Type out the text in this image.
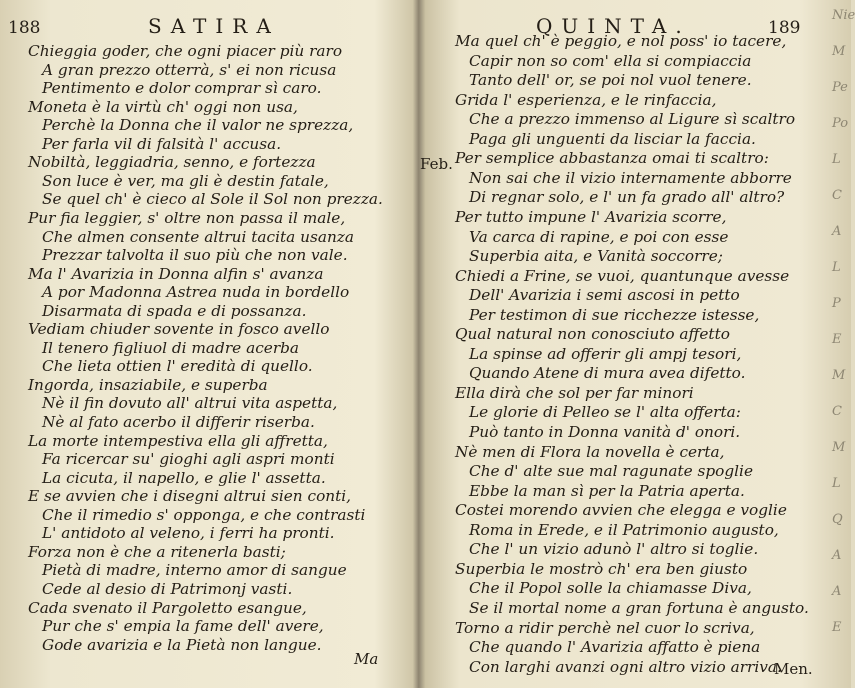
188	SATIRA
Chieggia goder, che ogni piacer più raro
A gran prezzo otterrà, s' ei non ricusa
Pentimento e dolor comprar sì caro.
Moneta è la virtù ch' oggi non usa,
Perchè la Donna che il valor ne sprezza,
Per farla vil di falsità l' accusa.
Nobiltà, leggiadria, senno, e fortezza
Son luce è ver, ma gli è destin fatale,
Se quel ch' è cieco al Sole il Sol non prezza.
Pur fia leggier, s' oltre non passa il male,
Che almen consente altrui tacita usanza
Prezzar talvolta il suo più che non vale.
Ma l' Avarizia in Donna alfin s' avanza
A por Madonna Astrea nuda in bordello
Disarmata di spada e di possanza.
Vediam chiuder sovente in fosco avello
Il tenero figliuol di madre acerba
Che lieta ottien l' eredità di quello.
Ingorda, insaziabile, e superba
Nè il fin dovuto all' altrui vita aspetta,
Nè al fato acerbo il differir riserba.
La morte intempestiva ella gli affretta,
Fa ricercar su' gioghi agli aspri monti
La cicuta, il napello, e glie l' assetta.
E se avvien che i disegni altrui sien conti,
Che il rimedio s' opponga, e che contrasti
L' antidoto al veleno, i ferri ha pronti.
Forza non è che a ritenerla basti;
Pietà di madre, interno amor di sangue
Cede al desio di Patrimonj vasti.
Cada svenato il Pargoletto esangue,
Pur che s' empia la fame dell' avere,
Gode avarizia e la Pietà non langue.
Ma
QUINTA.	189
Feb.
Ma quel ch' è peggio, e nol poss' io tacere,
Capir non so com' ella si compiaccia
Tanto dell' or, se poi nol vuol tenere.
Grida l' esperienza, e le rinfaccia,
Che a prezzo immenso al Ligure sì scaltro
Paga gli unguenti da lisciar la faccia.
Per semplice abbastanza omai ti scaltro:
Non sai che il vizio internamente abborre
Di regnar solo, e l' un fa grado all' altro?
Per tutto impune l' Avarizia scorre,
Va carca di rapine, e poi con esse
Superbia aita, e Vanità soccorre;
Chiedi a Frine, se vuoi, quantunque avesse
Dell' Avarizia i semi ascosi in petto
Per testimon di sue ricchezze istesse,
Qual natural non conosciuto affetto
La spinse ad offerir gli ampj tesori,
Quando Atene di mura avea difetto.
Ella dirà che sol per far minori
Le glorie di Pelleo se l' alta offerta:
Può tanto in Donna vanità d' onori.
Nè men di Flora la novella è certa,
Che d' alte sue mal ragunate spoglie
Ebbe la man sì per la Patria aperta.
Costei morendo avvien che elegga e voglie
Roma in Erede, e il Patrimonio augusto,
Che l' un vizio adunò l' altro si toglie.
Superbia le mostrò ch' era ben giusto
Che il Popol solle la chiamasse Diva,
Se il mortal nome a gran fortuna è angusto.
Torno a ridir perchè nel cuor lo scriva,
Che quando l' Avarizia affatto è piena
Con larghi avanzi ogni altro vizio arriva.
Men.
Nie
M
Pe
Po
L
C
A
L
P
E
M
C
M
L
Q
A
A
E
